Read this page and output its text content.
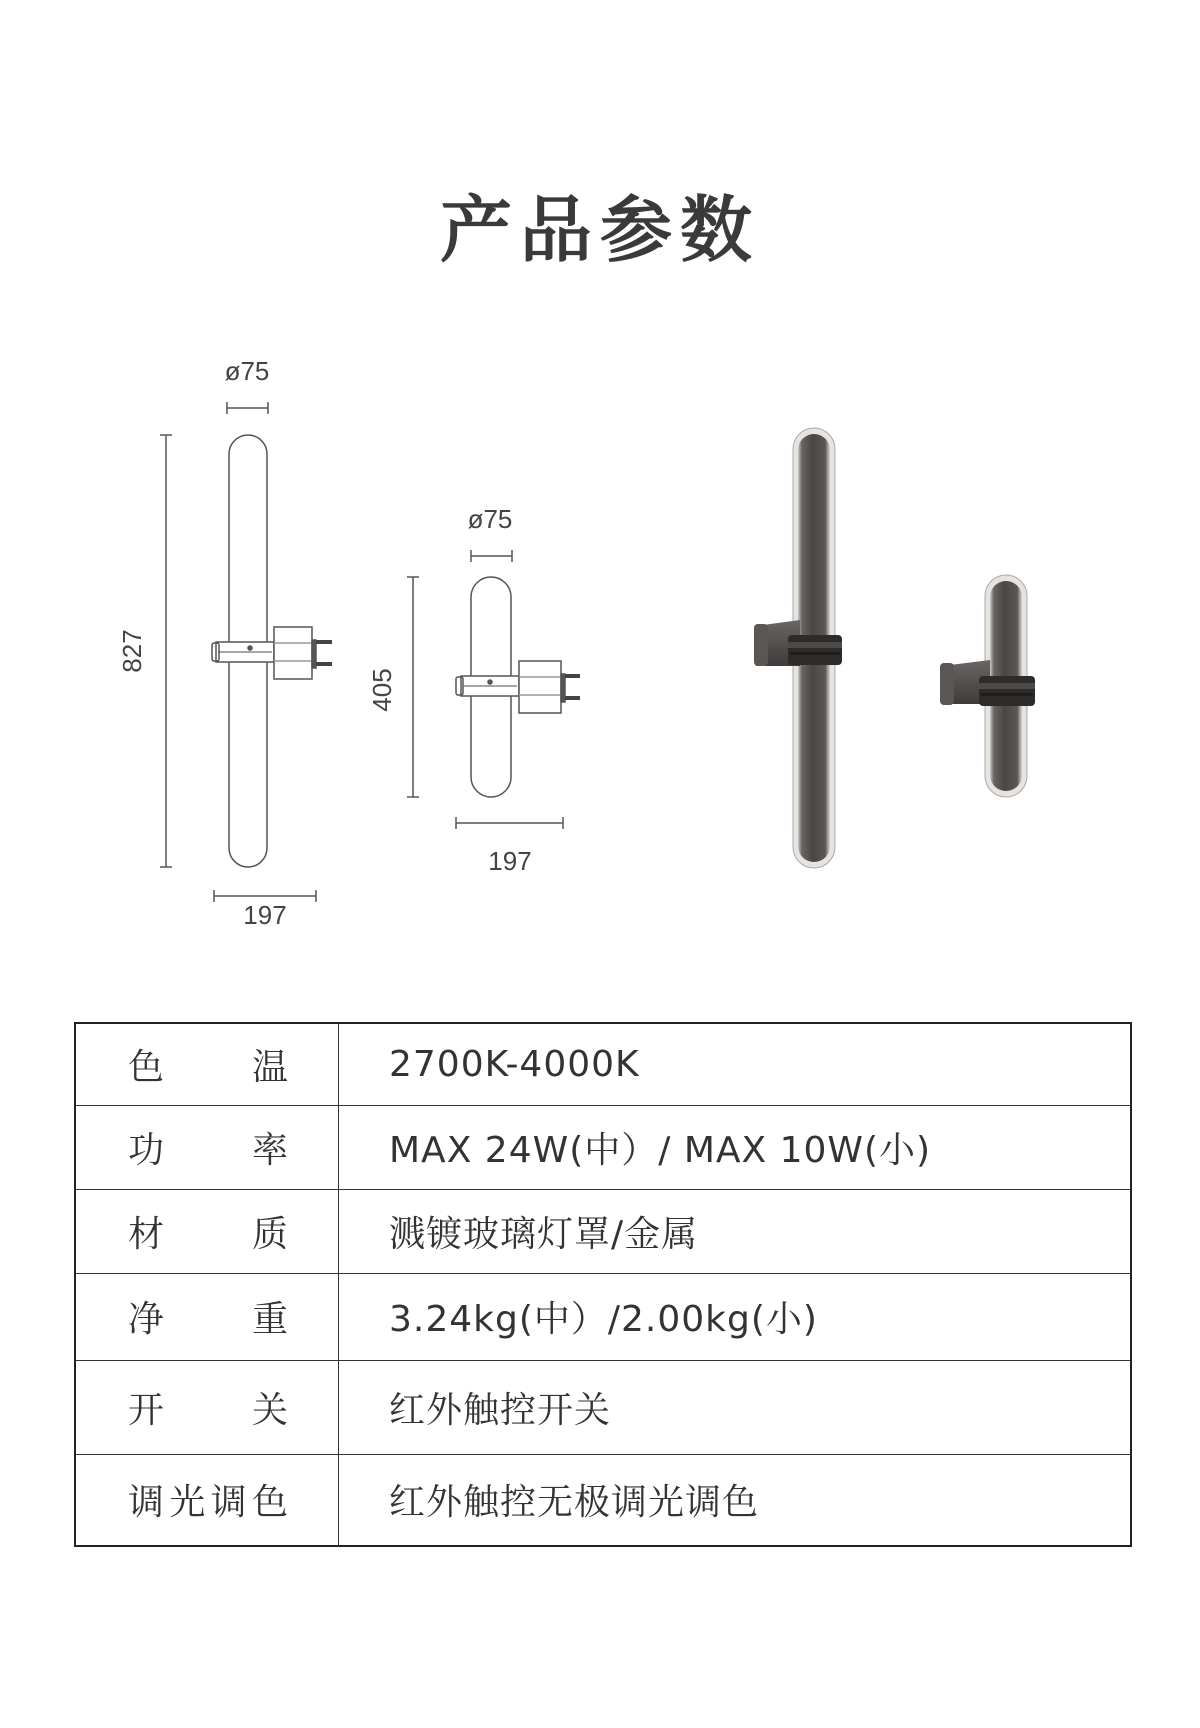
产品参数
ø75
827
197
ø75
405
197
色温	2700K-4000K

功率	MAX 24W(中）/ MAX 10W(小)

材质	溅镀玻璃灯罩/金属

净重	3.24kg(中）/2.00kg(小)

开关	红外触控开关

调光调色	红外触控无极调光调色
